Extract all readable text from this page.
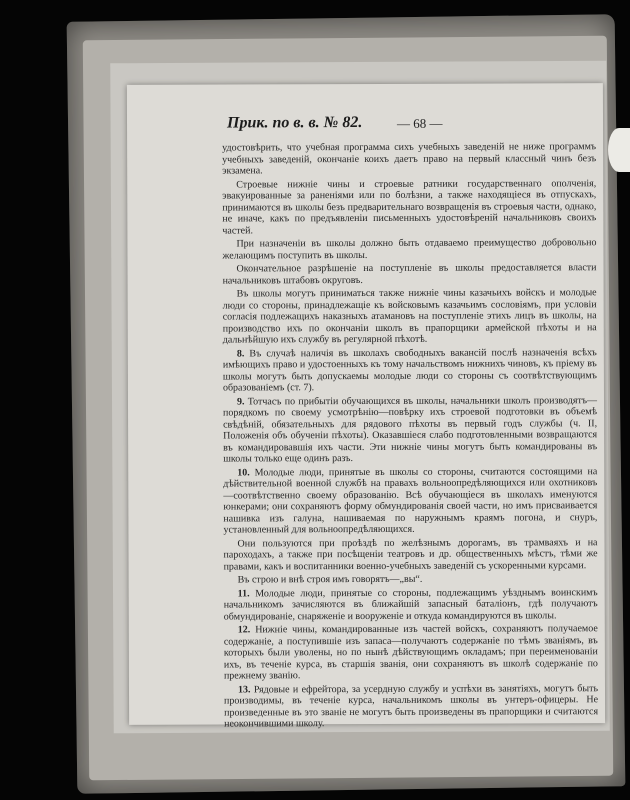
Прик. по в. в. № 82.	— 68 —

удостовѣрить, что учебная программа сихъ учебныхъ заведеній не ниже программъ учебныхъ заведеній, окончаніе коихъ даетъ право на первый классный чинъ безъ экзамена.

Строевые нижніе чины и строевые ратники государственнаго ополченія, эвакуированные за раненіями или по болѣзни, а также находящіеся въ отпускахъ, принимаются въ школы безъ предварительнаго возвращенія въ строевыя части, однако, не иначе, какъ по предъявленіи письменныхъ удостовѣреній начальниковъ своихъ частей.

При назначеніи въ школы должно быть отдаваемо преимущество добровольно желающимъ поступить въ школы.

Окончательное разрѣшеніе на поступленіе въ школы предоставляется власти начальниковъ штабовъ округовъ.

Въ школы могутъ приниматься также нижніе чины казачьихъ войскъ и молодые люди со стороны, принадлежащіе къ войсковымъ казачьимъ сословіямъ, при условіи согласія подлежащихъ наказныхъ атамановъ на поступленіе этихъ лицъ въ школы, на производство ихъ по окончаніи школъ въ прапорщики армейской пѣхоты и на дальнѣйшую ихъ службу въ регулярной пѣхотѣ.

8. Въ случаѣ наличія въ школахъ свободныхъ вакансій послѣ назначенія всѣхъ имѣющихъ право и удостоенныхъ къ тому начальствомъ нижнихъ чиновъ, къ пріему въ школы могутъ быть допускаемы молодые люди со стороны съ соотвѣтствующимъ образованіемъ (ст. 7).

9. Тотчасъ по прибытіи обучающихся въ школы, начальники школъ производятъ—порядкомъ по своему усмотрѣнію—повѣрку ихъ строевой подготовки въ объемѣ свѣдѣній, обязательныхъ для рядового пѣхоты въ первый годъ службы (ч. II, Положенія объ обученіи пѣхоты). Оказавшіеся слабо подготовленными возвращаются въ командировавшія ихъ части. Эти нижніе чины могутъ быть командированы въ школы только еще одинъ разъ.

10. Молодые люди, принятые въ школы со стороны, считаются состоящими на дѣйствительной военной службѣ на правахъ вольноопредѣляющихся или охотниковъ—соотвѣтственно своему образованію. Всѣ обучающіеся въ школахъ именуются юнкерами; они сохраняютъ форму обмундированія своей части, но имъ присваивается нашивка изъ галуна, нашиваемая по наружнымъ краямъ погона, и снуръ, установленный для вольноопредѣляющихся.

Они пользуются при проѣздѣ по желѣзнымъ дорогамъ, въ трамваяхъ и на пароходахъ, а также при посѣщеніи театровъ и др. общественныхъ мѣстъ, тѣми же правами, какъ и воспитанники военно-учебныхъ заведеній съ ускоренными курсами.

Въ строю и внѣ строя имъ говорятъ—„вы“.

11. Молодые люди, принятые со стороны, подлежащимъ уѣзднымъ воинскимъ начальникомъ зачисляются въ ближайшій запасный баталіонъ, гдѣ получаютъ обмундированіе, снаряженіе и вооруженіе и откуда командируются въ школы.

12. Нижніе чины, командированные изъ частей войскъ, сохраняютъ получаемое содержаніе, а поступившіе изъ запаса—получаютъ содержаніе по тѣмъ званіямъ, въ которыхъ были уволены, но по нынѣ дѣйствующимъ окладамъ; при переименованіи ихъ, въ теченіе курса, въ старшія званія, они сохраняютъ въ школѣ содержаніе по прежнему званію.

13. Рядовые и ефрейтора, за усердную службу и успѣхи въ занятіяхъ, могутъ быть производимы, въ теченіе курса, начальникомъ школы въ унтеръ-офицеры. Не произведенные въ это званіе не могутъ быть произведены въ прапорщики и считаются неокончившими школу.
